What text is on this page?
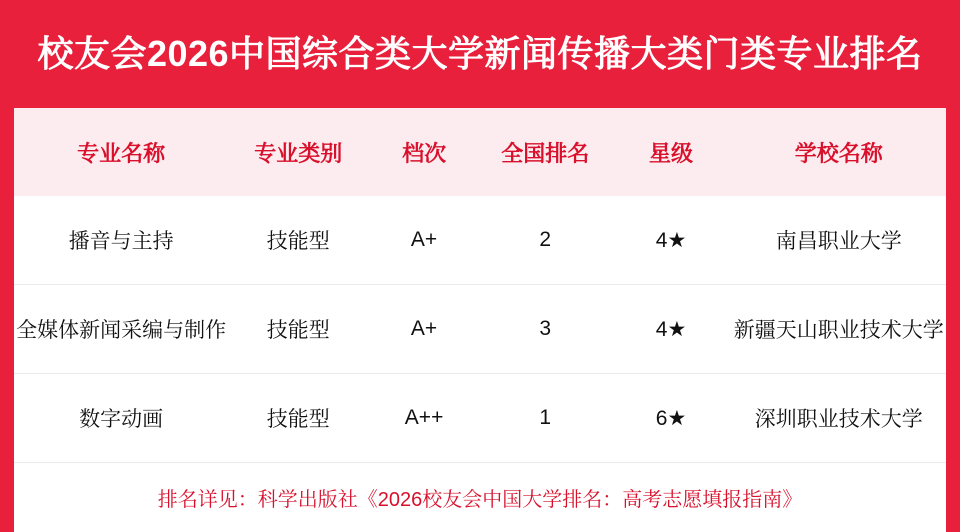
校友会2026中国综合类大学新闻传播大类门类专业排名
专业名称	专业类别	档次	全国排名	星级	学校名称
播音与主持	技能型	A+	2	4★	南昌职业大学
全媒体新闻采编与制作	技能型	A+	3	4★	新疆天山职业技术大学
数字动画	技能型	A++	1	6★	深圳职业技术大学
排名详见：科学出版社《2026校友会中国大学排名：高考志愿填报指南》
